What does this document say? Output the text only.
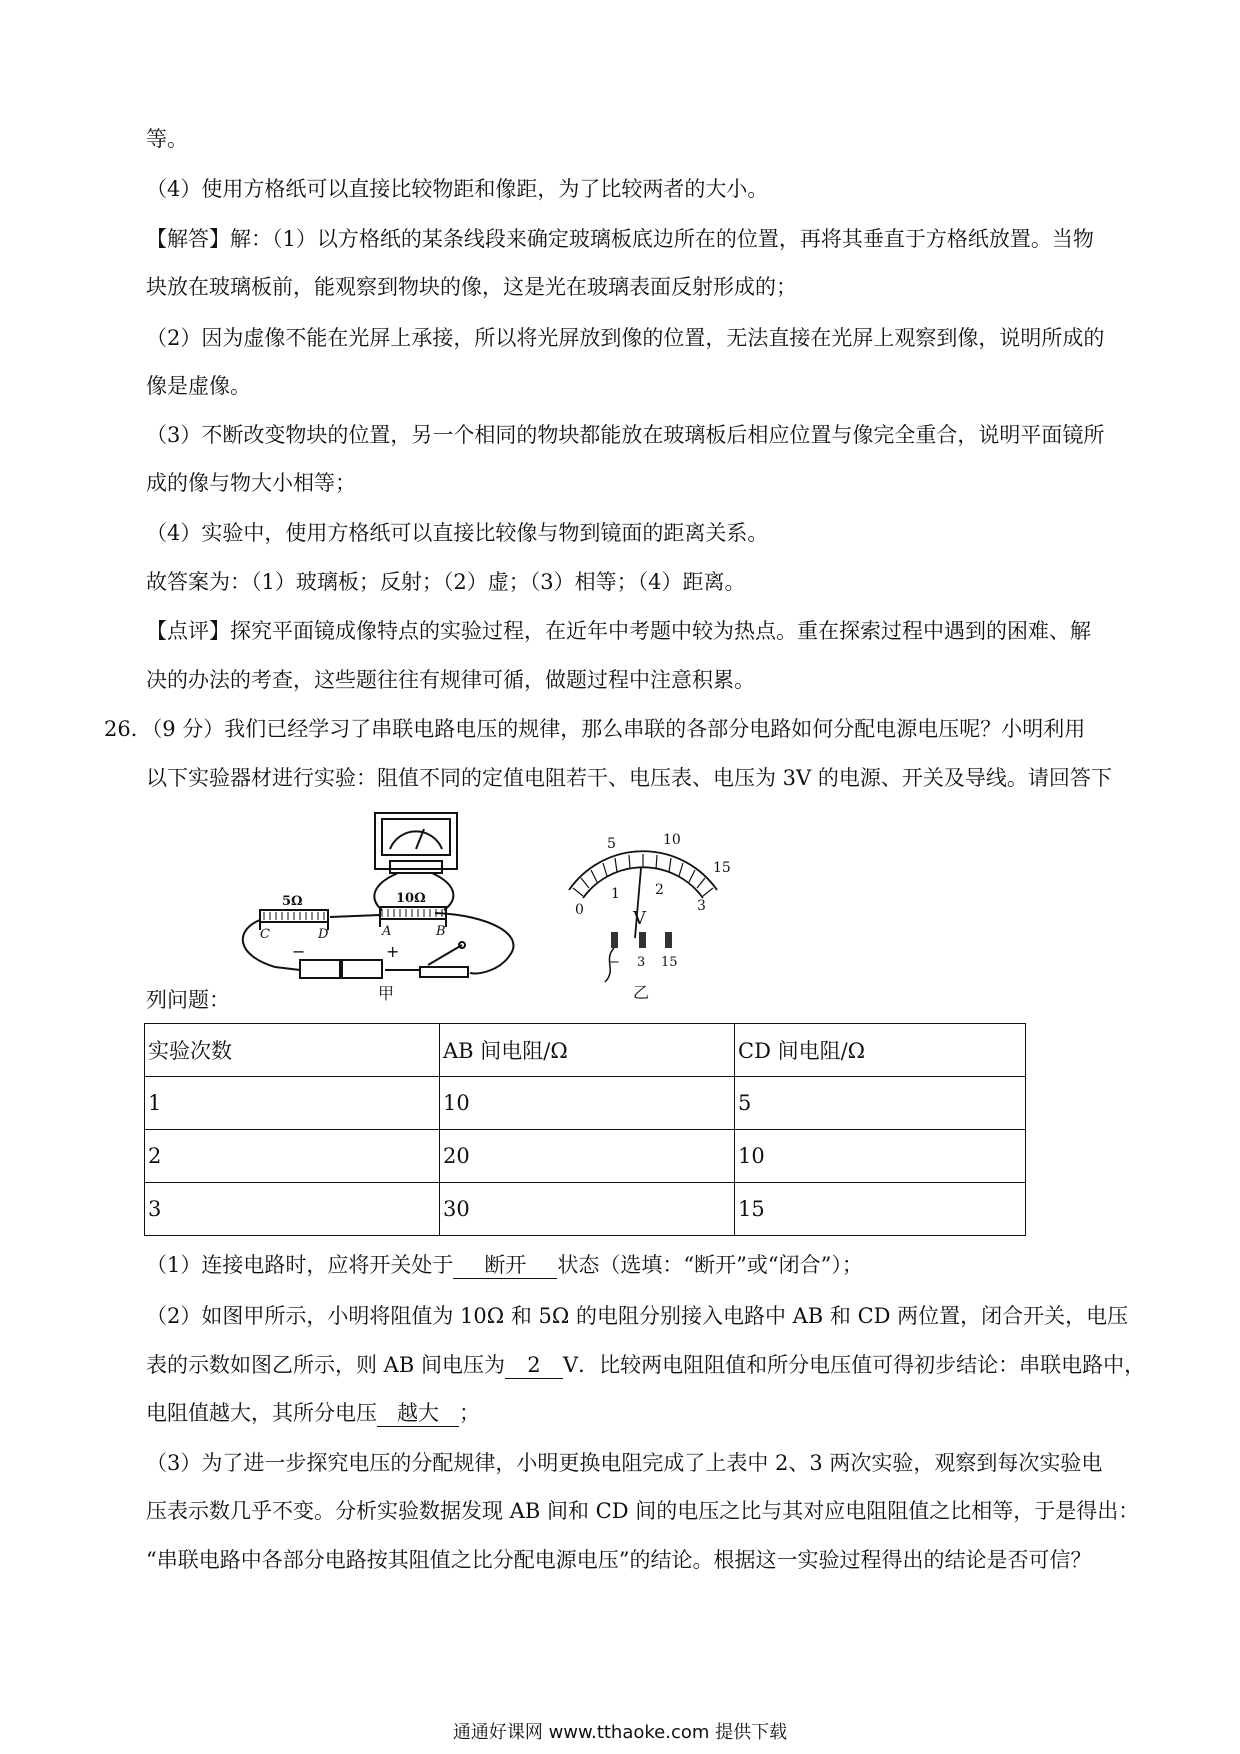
等。
（4）使用方格纸可以直接比较物距和像距，为了比较两者的大小。
【解答】解：（1）以方格纸的某条线段来确定玻璃板底边所在的位置，再将其垂直于方格纸放置。当物
块放在玻璃板前，能观察到物块的像，这是光在玻璃表面反射形成的；
（2）因为虚像不能在光屏上承接，所以将光屏放到像的位置，无法直接在光屏上观察到像，说明所成的
像是虚像。
（3）不断改变物块的位置，另一个相同的物块都能放在玻璃板后相应位置与像完全重合，说明平面镜所
成的像与物大小相等；
（4）实验中，使用方格纸可以直接比较像与物到镜面的距离关系。
故答案为：（1）玻璃板；反射；（2）虚；（3）相等；（4）距离。
【点评】探究平面镜成像特点的实验过程，在近年中考题中较为热点。重在探索过程中遇到的困难、解
决的办法的考查，这些题往往有规律可循，做题过程中注意积累。
26．（9 分）我们已经学习了串联电路电压的规律，那么串联的各部分电路如何分配电源电压呢？小明利用
以下实验器材进行实验：阻值不同的定值电阻若干、电压表、电压为 3V 的电源、开关及导线。请回答下
5Ω	10Ω
C	D	A	B
−	+
甲
5	10
0
15
1	2
3
V
− 3 15
乙
列问题：
实验次数	AB 间电阻/Ω	CD 间电阻/Ω
1	10	5
2	20	10
3	30	15
（1）连接电路时，应将开关处于 断开 状态（选填：“断开”或“闭合”）；
（2）如图甲所示，小明将阻值为 10Ω 和 5Ω 的电阻分别接入电路中 AB 和 CD 两位置，闭合开关，电压
表的示数如图乙所示，则 AB 间电压为 2 V．比较两电阻阻值和所分电压值可得初步结论：串联电路中，
电阻值越大，其所分电压 越大 ；
（3）为了进一步探究电压的分配规律，小明更换电阻完成了上表中 2、3 两次实验，观察到每次实验电
压表示数几乎不变。分析实验数据发现 AB 间和 CD 间的电压之比与其对应电阻阻值之比相等，于是得出：
“串联电路中各部分电路按其阻值之比分配电源电压”的结论。根据这一实验过程得出的结论是否可信？
通通好课网 www.tthaoke.com 提供下载
